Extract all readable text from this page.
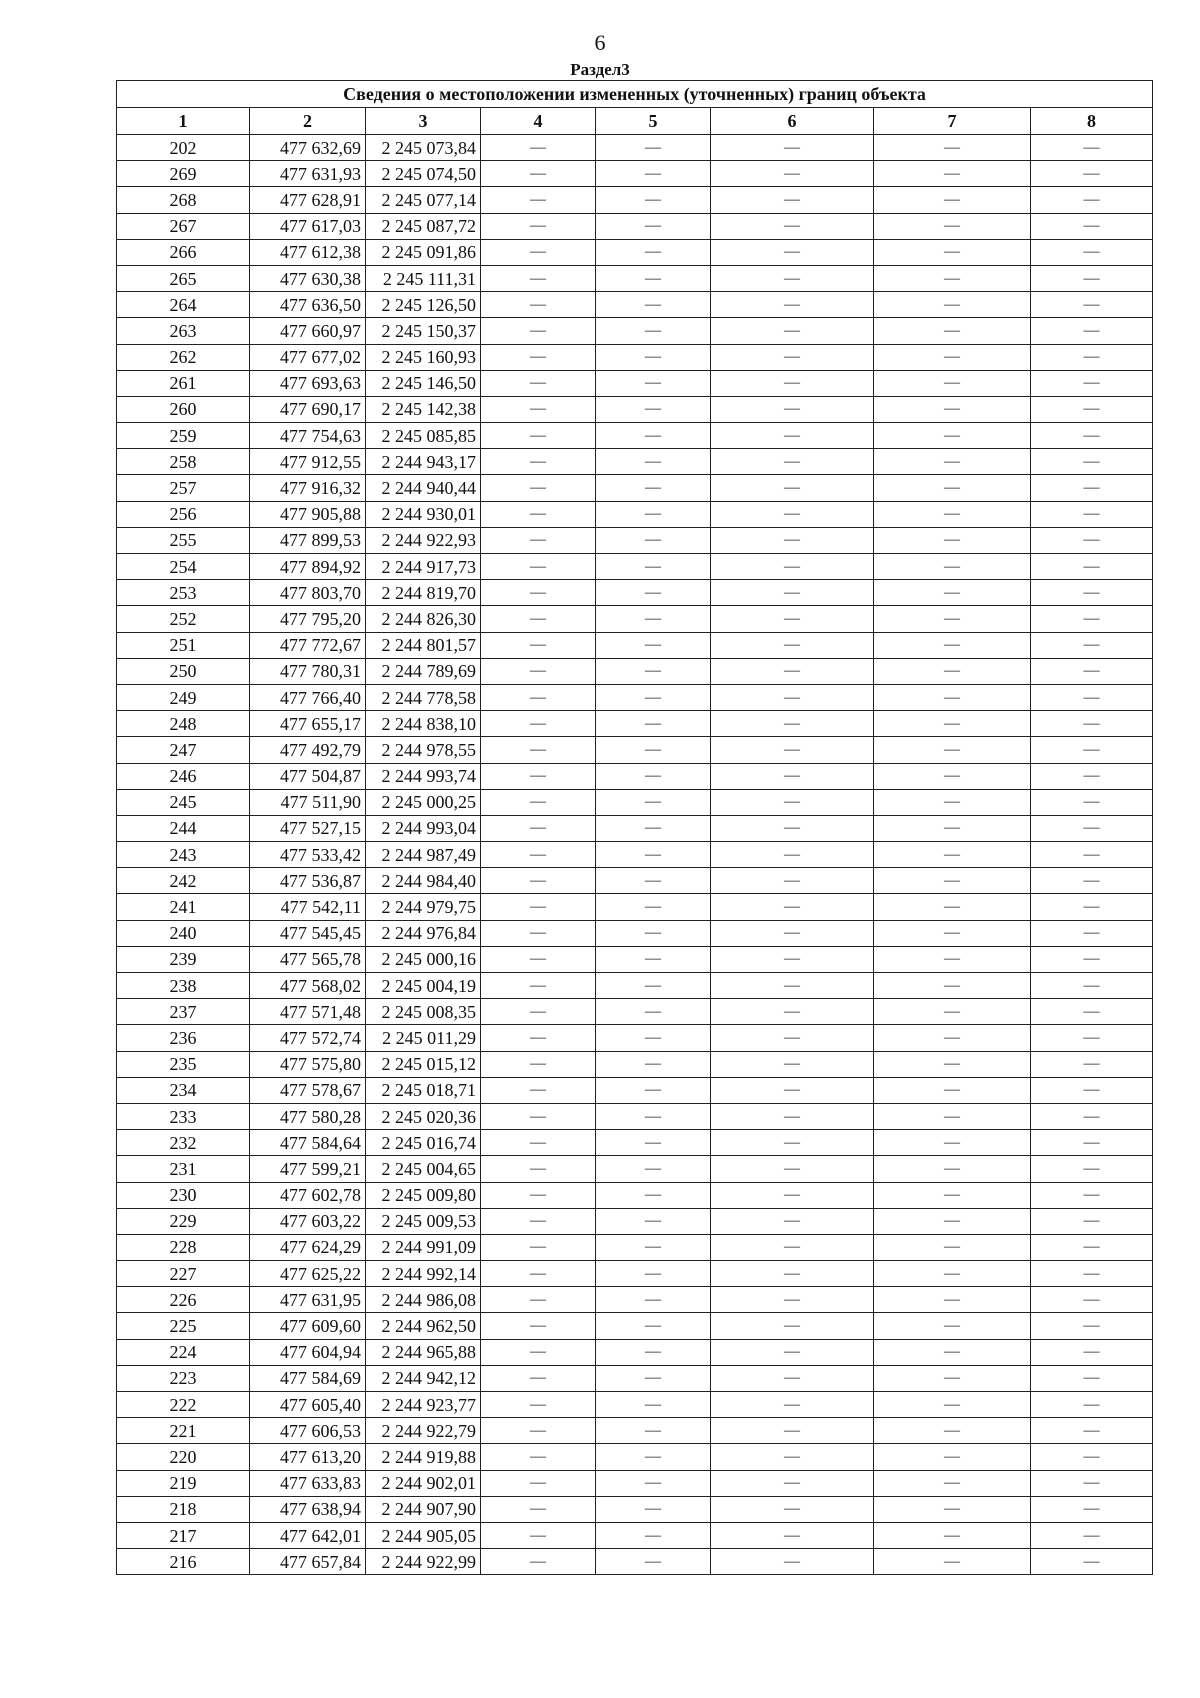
6
Раздел3
Сведения о местоположении измененных (уточненных) границ объекта							
1	2	3	4	5	6	7	8
202	477 632,69	2 245 073,84	—	—	—	—	—
269	477 631,93	2 245 074,50	—	—	—	—	—
268	477 628,91	2 245 077,14	—	—	—	—	—
267	477 617,03	2 245 087,72	—	—	—	—	—
266	477 612,38	2 245 091,86	—	—	—	—	—
265	477 630,38	2 245 111,31	—	—	—	—	—
264	477 636,50	2 245 126,50	—	—	—	—	—
263	477 660,97	2 245 150,37	—	—	—	—	—
262	477 677,02	2 245 160,93	—	—	—	—	—
261	477 693,63	2 245 146,50	—	—	—	—	—
260	477 690,17	2 245 142,38	—	—	—	—	—
259	477 754,63	2 245 085,85	—	—	—	—	—
258	477 912,55	2 244 943,17	—	—	—	—	—
257	477 916,32	2 244 940,44	—	—	—	—	—
256	477 905,88	2 244 930,01	—	—	—	—	—
255	477 899,53	2 244 922,93	—	—	—	—	—
254	477 894,92	2 244 917,73	—	—	—	—	—
253	477 803,70	2 244 819,70	—	—	—	—	—
252	477 795,20	2 244 826,30	—	—	—	—	—
251	477 772,67	2 244 801,57	—	—	—	—	—
250	477 780,31	2 244 789,69	—	—	—	—	—
249	477 766,40	2 244 778,58	—	—	—	—	—
248	477 655,17	2 244 838,10	—	—	—	—	—
247	477 492,79	2 244 978,55	—	—	—	—	—
246	477 504,87	2 244 993,74	—	—	—	—	—
245	477 511,90	2 245 000,25	—	—	—	—	—
244	477 527,15	2 244 993,04	—	—	—	—	—
243	477 533,42	2 244 987,49	—	—	—	—	—
242	477 536,87	2 244 984,40	—	—	—	—	—
241	477 542,11	2 244 979,75	—	—	—	—	—
240	477 545,45	2 244 976,84	—	—	—	—	—
239	477 565,78	2 245 000,16	—	—	—	—	—
238	477 568,02	2 245 004,19	—	—	—	—	—
237	477 571,48	2 245 008,35	—	—	—	—	—
236	477 572,74	2 245 011,29	—	—	—	—	—
235	477 575,80	2 245 015,12	—	—	—	—	—
234	477 578,67	2 245 018,71	—	—	—	—	—
233	477 580,28	2 245 020,36	—	—	—	—	—
232	477 584,64	2 245 016,74	—	—	—	—	—
231	477 599,21	2 245 004,65	—	—	—	—	—
230	477 602,78	2 245 009,80	—	—	—	—	—
229	477 603,22	2 245 009,53	—	—	—	—	—
228	477 624,29	2 244 991,09	—	—	—	—	—
227	477 625,22	2 244 992,14	—	—	—	—	—
226	477 631,95	2 244 986,08	—	—	—	—	—
225	477 609,60	2 244 962,50	—	—	—	—	—
224	477 604,94	2 244 965,88	—	—	—	—	—
223	477 584,69	2 244 942,12	—	—	—	—	—
222	477 605,40	2 244 923,77	—	—	—	—	—
221	477 606,53	2 244 922,79	—	—	—	—	—
220	477 613,20	2 244 919,88	—	—	—	—	—
219	477 633,83	2 244 902,01	—	—	—	—	—
218	477 638,94	2 244 907,90	—	—	—	—	—
217	477 642,01	2 244 905,05	—	—	—	—	—
216	477 657,84	2 244 922,99	—	—	—	—	—
